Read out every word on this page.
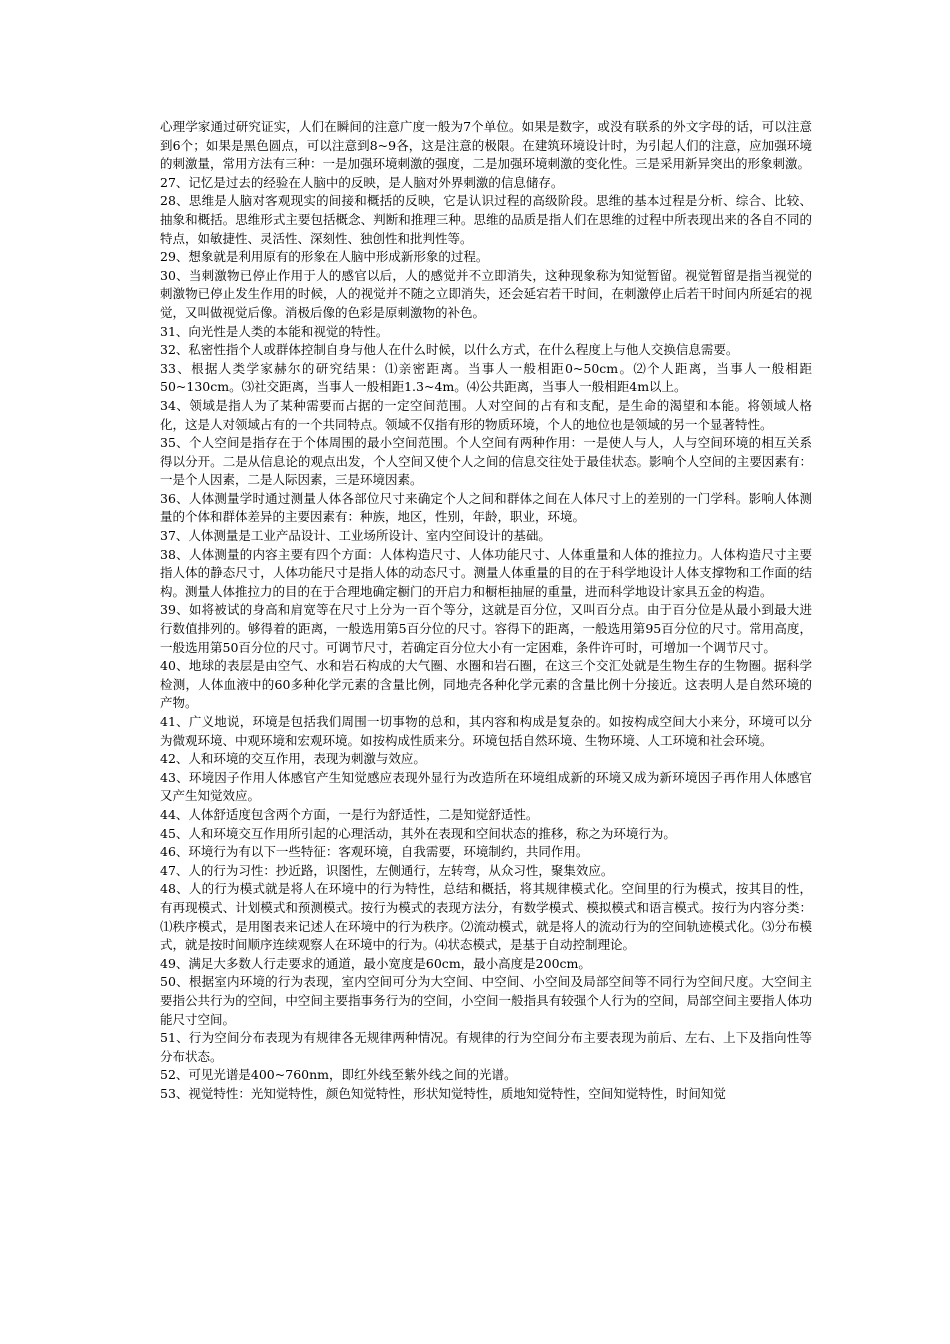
心理学家通过研究证实，人们在瞬间的注意广度一般为7个单位。如果是数字，或没有联系的外文字母的话，可以注意到6个；如果是黑色圆点，可以注意到8~9各，这是注意的极限。在建筑环境设计时，为引起人们的注意，应加强环境的刺激量，常用方法有三种：一是加强环境刺激的强度，二是加强环境刺激的变化性。三是采用新异突出的形象刺激。

27、记忆是过去的经验在人脑中的反映，是人脑对外界刺激的信息储存。

28、思维是人脑对客观现实的间接和概括的反映，它是认识过程的高级阶段。思维的基本过程是分析、综合、比较、抽象和概括。思维形式主要包括概念、判断和推理三种。思维的品质是指人们在思维的过程中所表现出来的各自不同的特点，如敏捷性、灵活性、深刻性、独创性和批判性等。

29、想象就是利用原有的形象在人脑中形成新形象的过程。

30、当刺激物已停止作用于人的感官以后，人的感觉并不立即消失，这种现象称为知觉暂留。视觉暂留是指当视觉的刺激物已停止发生作用的时候，人的视觉并不随之立即消失，还会延宕若干时间，在刺激停止后若干时间内所延宕的视觉，又叫做视觉后像。消极后像的色彩是原刺激物的补色。

31、向光性是人类的本能和视觉的特性。

32、私密性指个人或群体控制自身与他人在什么时候，以什么方式，在什么程度上与他人交换信息需要。

33、根据人类学家赫尔的研究结果：⑴亲密距离。当事人一般相距0~50cm。⑵个人距离，当事人一般相距50~130cm。⑶社交距离，当事人一般相距1.3~4m。⑷公共距离，当事人一般相距4m以上。

34、领域是指人为了某种需要而占据的一定空间范围。人对空间的占有和支配，是生命的渴望和本能。将领域人格化，这是人对领域占有的一个共同特点。领域不仅指有形的物质环境，个人的地位也是领域的另一个显著特性。

35、个人空间是指存在于个体周围的最小空间范围。个人空间有两种作用：一是使人与人，人与空间环境的相互关系得以分开。二是从信息论的观点出发，个人空间又使个人之间的信息交往处于最佳状态。影响个人空间的主要因素有：一是个人因素，二是人际因素，三是环境因素。

36、人体测量学时通过测量人体各部位尺寸来确定个人之间和群体之间在人体尺寸上的差别的一门学科。影响人体测量的个体和群体差异的主要因素有：种族，地区，性别，年龄，职业，环境。

37、人体测量是工业产品设计、工业场所设计、室内空间设计的基础。

38、人体测量的内容主要有四个方面：人体构造尺寸、人体功能尺寸、人体重量和人体的推拉力。人体构造尺寸主要指人体的静态尺寸，人体功能尺寸是指人体的动态尺寸。测量人体重量的目的在于科学地设计人体支撑物和工作面的结构。测量人体推拉力的目的在于合理地确定橱门的开启力和橱柜抽屉的重量，进而科学地设计家具五金的构造。

39、如将被试的身高和肩宽等在尺寸上分为一百个等分，这就是百分位，又叫百分点。由于百分位是从最小到最大进行数值排列的。够得着的距离，一般选用第5百分位的尺寸。容得下的距离，一般选用第95百分位的尺寸。常用高度，一般选用第50百分位的尺寸。可调节尺寸，若确定百分位大小有一定困难，条件许可时，可增加一个调节尺寸。

40、地球的表层是由空气、水和岩石构成的大气圈、水圈和岩石圈，在这三个交汇处就是生物生存的生物圈。据科学检测，人体血液中的60多种化学元素的含量比例，同地壳各种化学元素的含量比例十分接近。这表明人是自然环境的产物。

41、广义地说，环境是包括我们周围一切事物的总和，其内容和构成是复杂的。如按构成空间大小来分，环境可以分为微观环境、中观环境和宏观环境。如按构成性质来分。环境包括自然环境、生物环境、人工环境和社会环境。

42、人和环境的交互作用，表现为刺激与效应。

43、环境因子作用人体感官产生知觉感应表现外显行为改造所在环境组成新的环境又成为新环境因子再作用人体感官又产生知觉效应。

44、人体舒适度包含两个方面，一是行为舒适性，二是知觉舒适性。

45、人和环境交互作用所引起的心理活动，其外在表现和空间状态的推移，称之为环境行为。

46、环境行为有以下一些特征：客观环境，自我需要，环境制约，共同作用。

47、人的行为习性：抄近路，识图性，左侧通行，左转弯，从众习性，聚集效应。

48、人的行为模式就是将人在环境中的行为特性，总结和概括，将其规律模式化。空间里的行为模式，按其目的性，有再现模式、计划模式和预测模式。按行为模式的表现方法分，有数学模式、模拟模式和语言模式。按行为内容分类：⑴秩序模式，是用图表来记述人在环境中的行为秩序。⑵流动模式，就是将人的流动行为的空间轨迹模式化。⑶分布模式，就是按时间顺序连续观察人在环境中的行为。⑷状态模式，是基于自动控制理论。

49、满足大多数人行走要求的通道，最小宽度是60cm，最小高度是200cm。

50、根据室内环境的行为表现，室内空间可分为大空间、中空间、小空间及局部空间等不同行为空间尺度。大空间主要指公共行为的空间，中空间主要指事务行为的空间，小空间一般指具有较强个人行为的空间，局部空间主要指人体功能尺寸空间。

51、行为空间分布表现为有规律各无规律两种情况。有规律的行为空间分布主要表现为前后、左右、上下及指向性等分布状态。

52、可见光谱是400~760nm，即红外线至紫外线之间的光谱。

53、视觉特性：光知觉特性，颜色知觉特性，形状知觉特性，质地知觉特性，空间知觉特性，时间知觉
